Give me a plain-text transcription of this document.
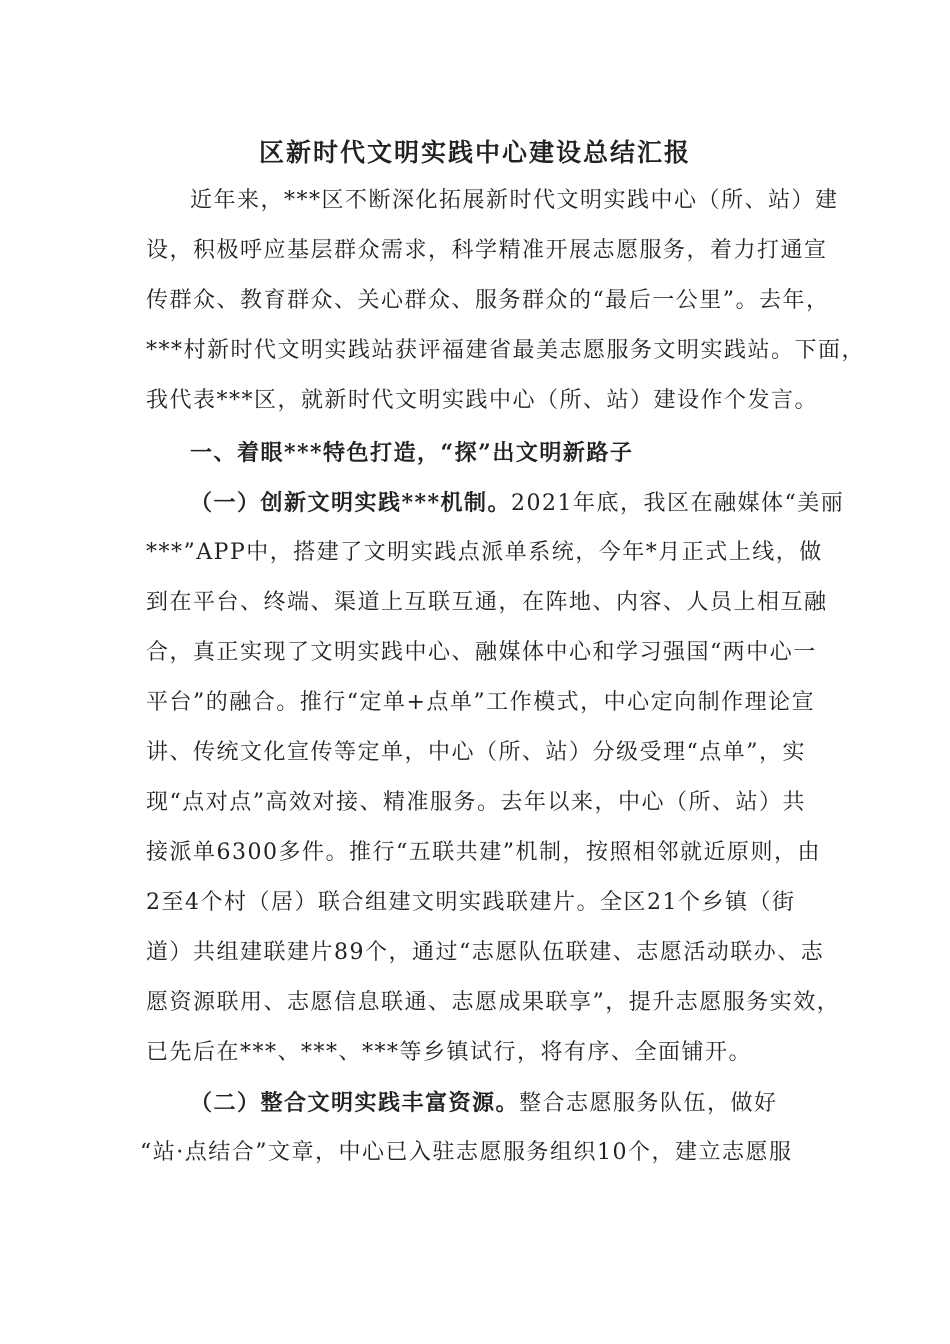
区新时代文明实践中心建设总结汇报
近年来，***区不断深化拓展新时代文明实践中心（所、站）建
设，积极呼应基层群众需求，科学精准开展志愿服务，着力打通宣
传群众、教育群众、关心群众、服务群众的“最后一公里”。去年，
***村新时代文明实践站获评福建省最美志愿服务文明实践站。下面，
我代表***区，就新时代文明实践中心（所、站）建设作个发言。
一、着眼***特色打造，“探”出文明新路子
（一）创新文明实践***机制。2021年底，我区在融媒体“美丽
***”APP中，搭建了文明实践点派单系统，今年*月正式上线，做
到在平台、终端、渠道上互联互通，在阵地、内容、人员上相互融
合，真正实现了文明实践中心、融媒体中心和学习强国“两中心一
平台”的融合。推行“定单+点单”工作模式，中心定向制作理论宣
讲、传统文化宣传等定单，中心（所、站）分级受理“点单”，实
现“点对点”高效对接、精准服务。去年以来，中心（所、站）共
接派单6300多件。推行“五联共建”机制，按照相邻就近原则，由
2至4个村（居）联合组建文明实践联建片。全区21个乡镇（街
道）共组建联建片89个，通过“志愿队伍联建、志愿活动联办、志
愿资源联用、志愿信息联通、志愿成果联享”，提升志愿服务实效，
已先后在***、***、***等乡镇试行，将有序、全面铺开。
（二）整合文明实践丰富资源。整合志愿服务队伍，做好
“站·点结合”文章，中心已入驻志愿服务组织10个，建立志愿服
